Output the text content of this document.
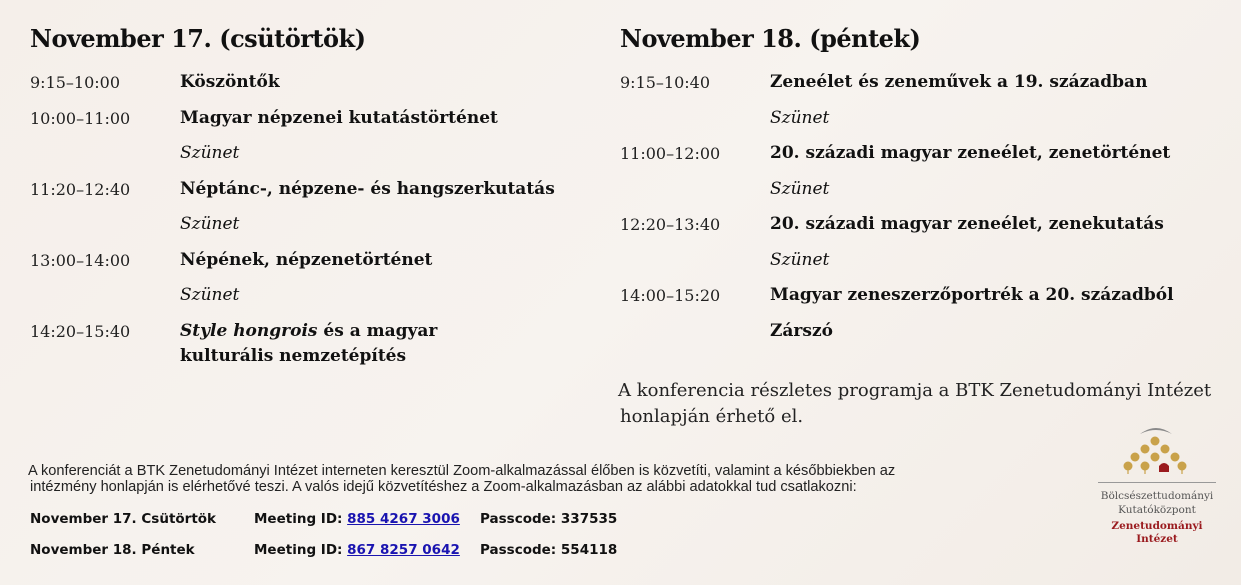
November 17. (csütörtök)
9:15–10:00	Köszöntők
10:00–11:00	Magyar népzenei kutatástörténet
Szünet
11:20–12:40	Néptánc-, népzene- és hangszerkutatás
Szünet
13:00–14:00	Népének, népzenetörténet
Szünet
14:20–15:40	Style hongrois és a magyar
kulturális nemzetépítés
November 18. (péntek)
9:15–10:40	Zeneélet és zeneművek a 19. században
Szünet
11:00–12:00	20. századi magyar zeneélet, zenetörténet
Szünet
12:20–13:40	20. századi magyar zeneélet, zenekutatás
Szünet
14:00–15:20	Magyar zeneszerzőportrék a 20. századból
Zárszó
A konferencia részletes programja a BTK Zenetudományi Intézet
honlapján érhető el.
A konferenciát a BTK Zenetudományi Intézet interneten keresztül Zoom-alkalmazással élőben is közvetíti, valamint a későbbiekben az
intézmény honlapján is elérhetővé teszi. A valós idejű közvetítéshez a Zoom-alkalmazásban az alábbi adatokkal tud csatlakozni:
November 17. Csütörtök	Meeting ID: 885 4267 3006 Passcode: 337535
November 18. Péntek	Meeting ID: 867 8257 0642 Passcode: 554118
Bölcsészettudományi
Kutatóközpont
Zenetudományi
Intézet
